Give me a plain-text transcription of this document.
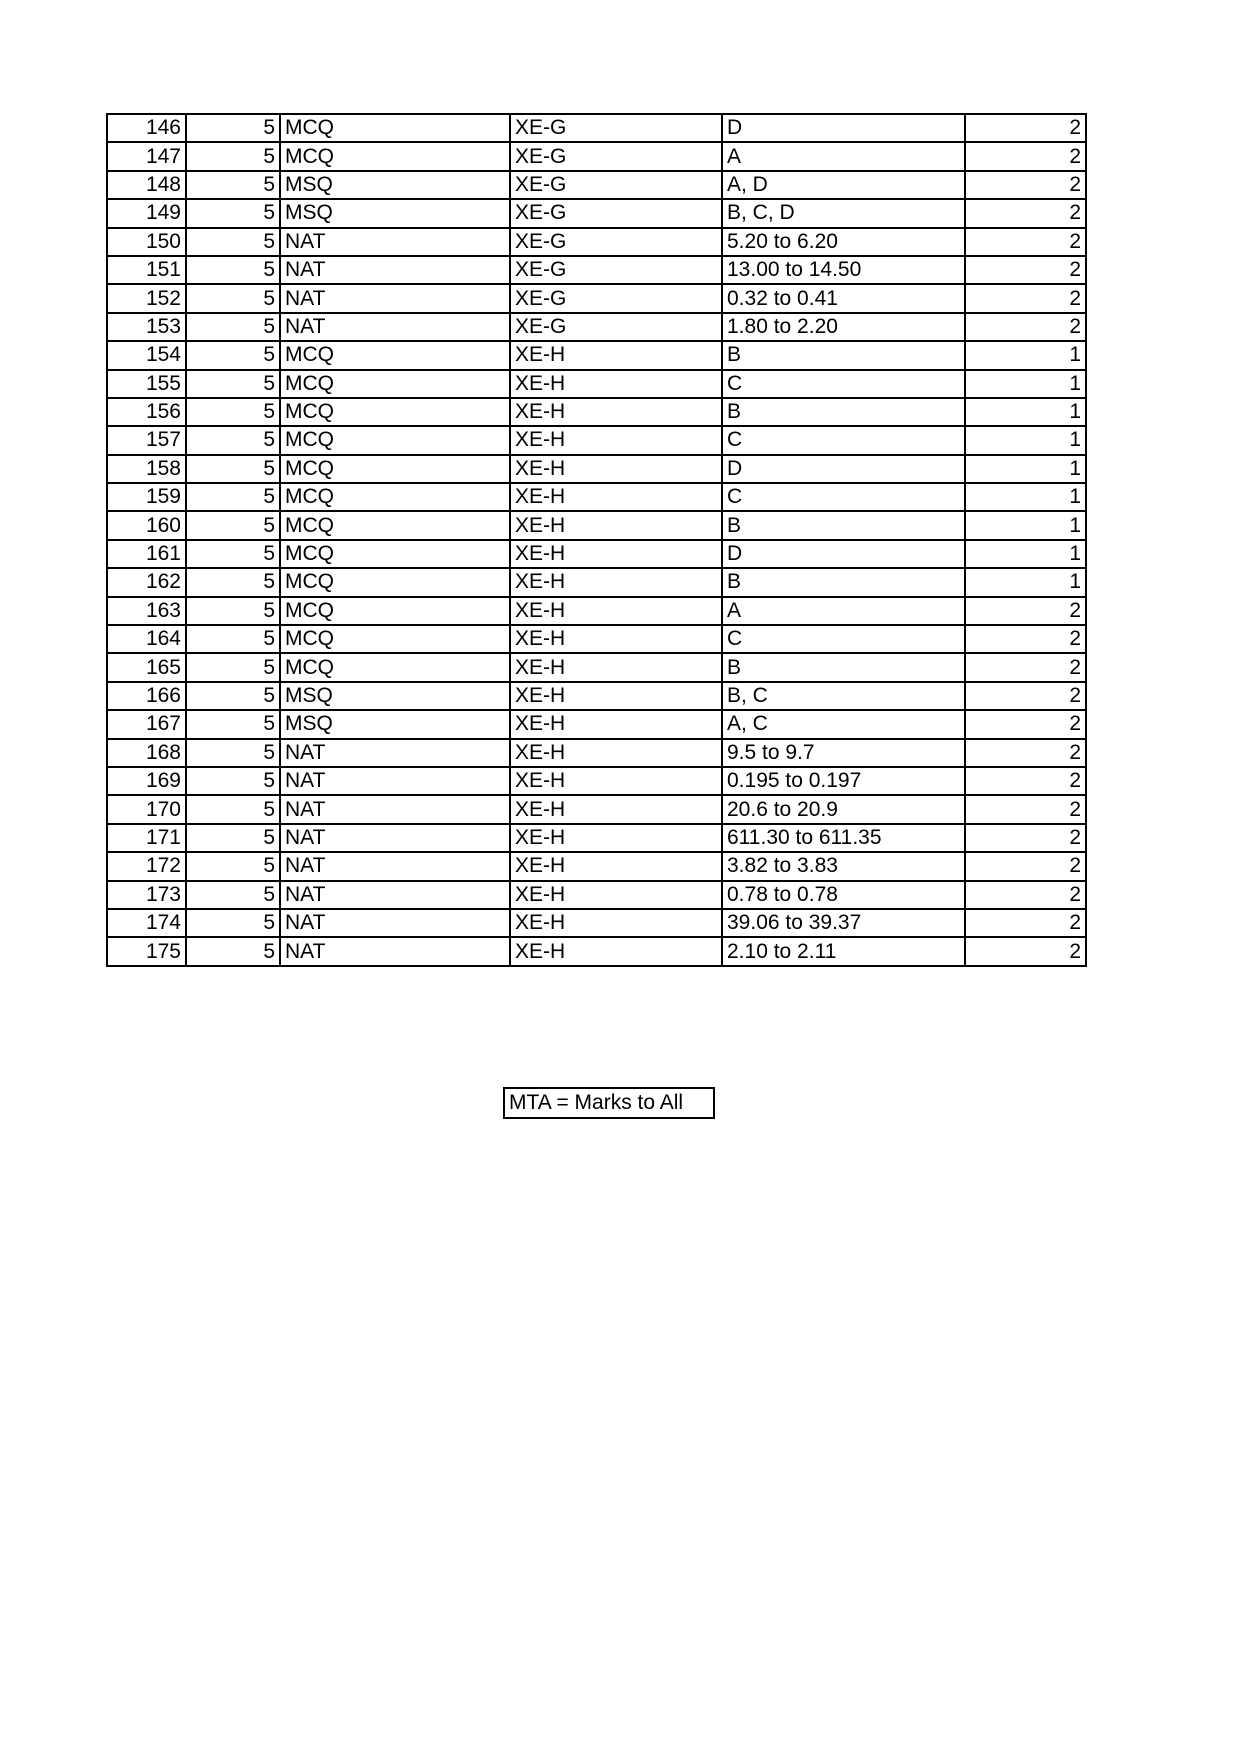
146	5	MCQ	XE-G	D	2
147	5	MCQ	XE-G	A	2
148	5	MSQ	XE-G	A, D	2
149	5	MSQ	XE-G	B, C, D	2
150	5	NAT	XE-G	5.20 to 6.20	2
151	5	NAT	XE-G	13.00 to 14.50	2
152	5	NAT	XE-G	0.32 to 0.41	2
153	5	NAT	XE-G	1.80 to 2.20	2
154	5	MCQ	XE-H	B	1
155	5	MCQ	XE-H	C	1
156	5	MCQ	XE-H	B	1
157	5	MCQ	XE-H	C	1
158	5	MCQ	XE-H	D	1
159	5	MCQ	XE-H	C	1
160	5	MCQ	XE-H	B	1
161	5	MCQ	XE-H	D	1
162	5	MCQ	XE-H	B	1
163	5	MCQ	XE-H	A	2
164	5	MCQ	XE-H	C	2
165	5	MCQ	XE-H	B	2
166	5	MSQ	XE-H	B, C	2
167	5	MSQ	XE-H	A, C	2
168	5	NAT	XE-H	9.5 to 9.7	2
169	5	NAT	XE-H	0.195 to 0.197	2
170	5	NAT	XE-H	20.6 to 20.9	2
171	5	NAT	XE-H	611.30 to 611.35	2
172	5	NAT	XE-H	3.82 to 3.83	2
173	5	NAT	XE-H	0.78 to 0.78	2
174	5	NAT	XE-H	39.06 to 39.37	2
175	5	NAT	XE-H	2.10 to 2.11	2
MTA = Marks to All
